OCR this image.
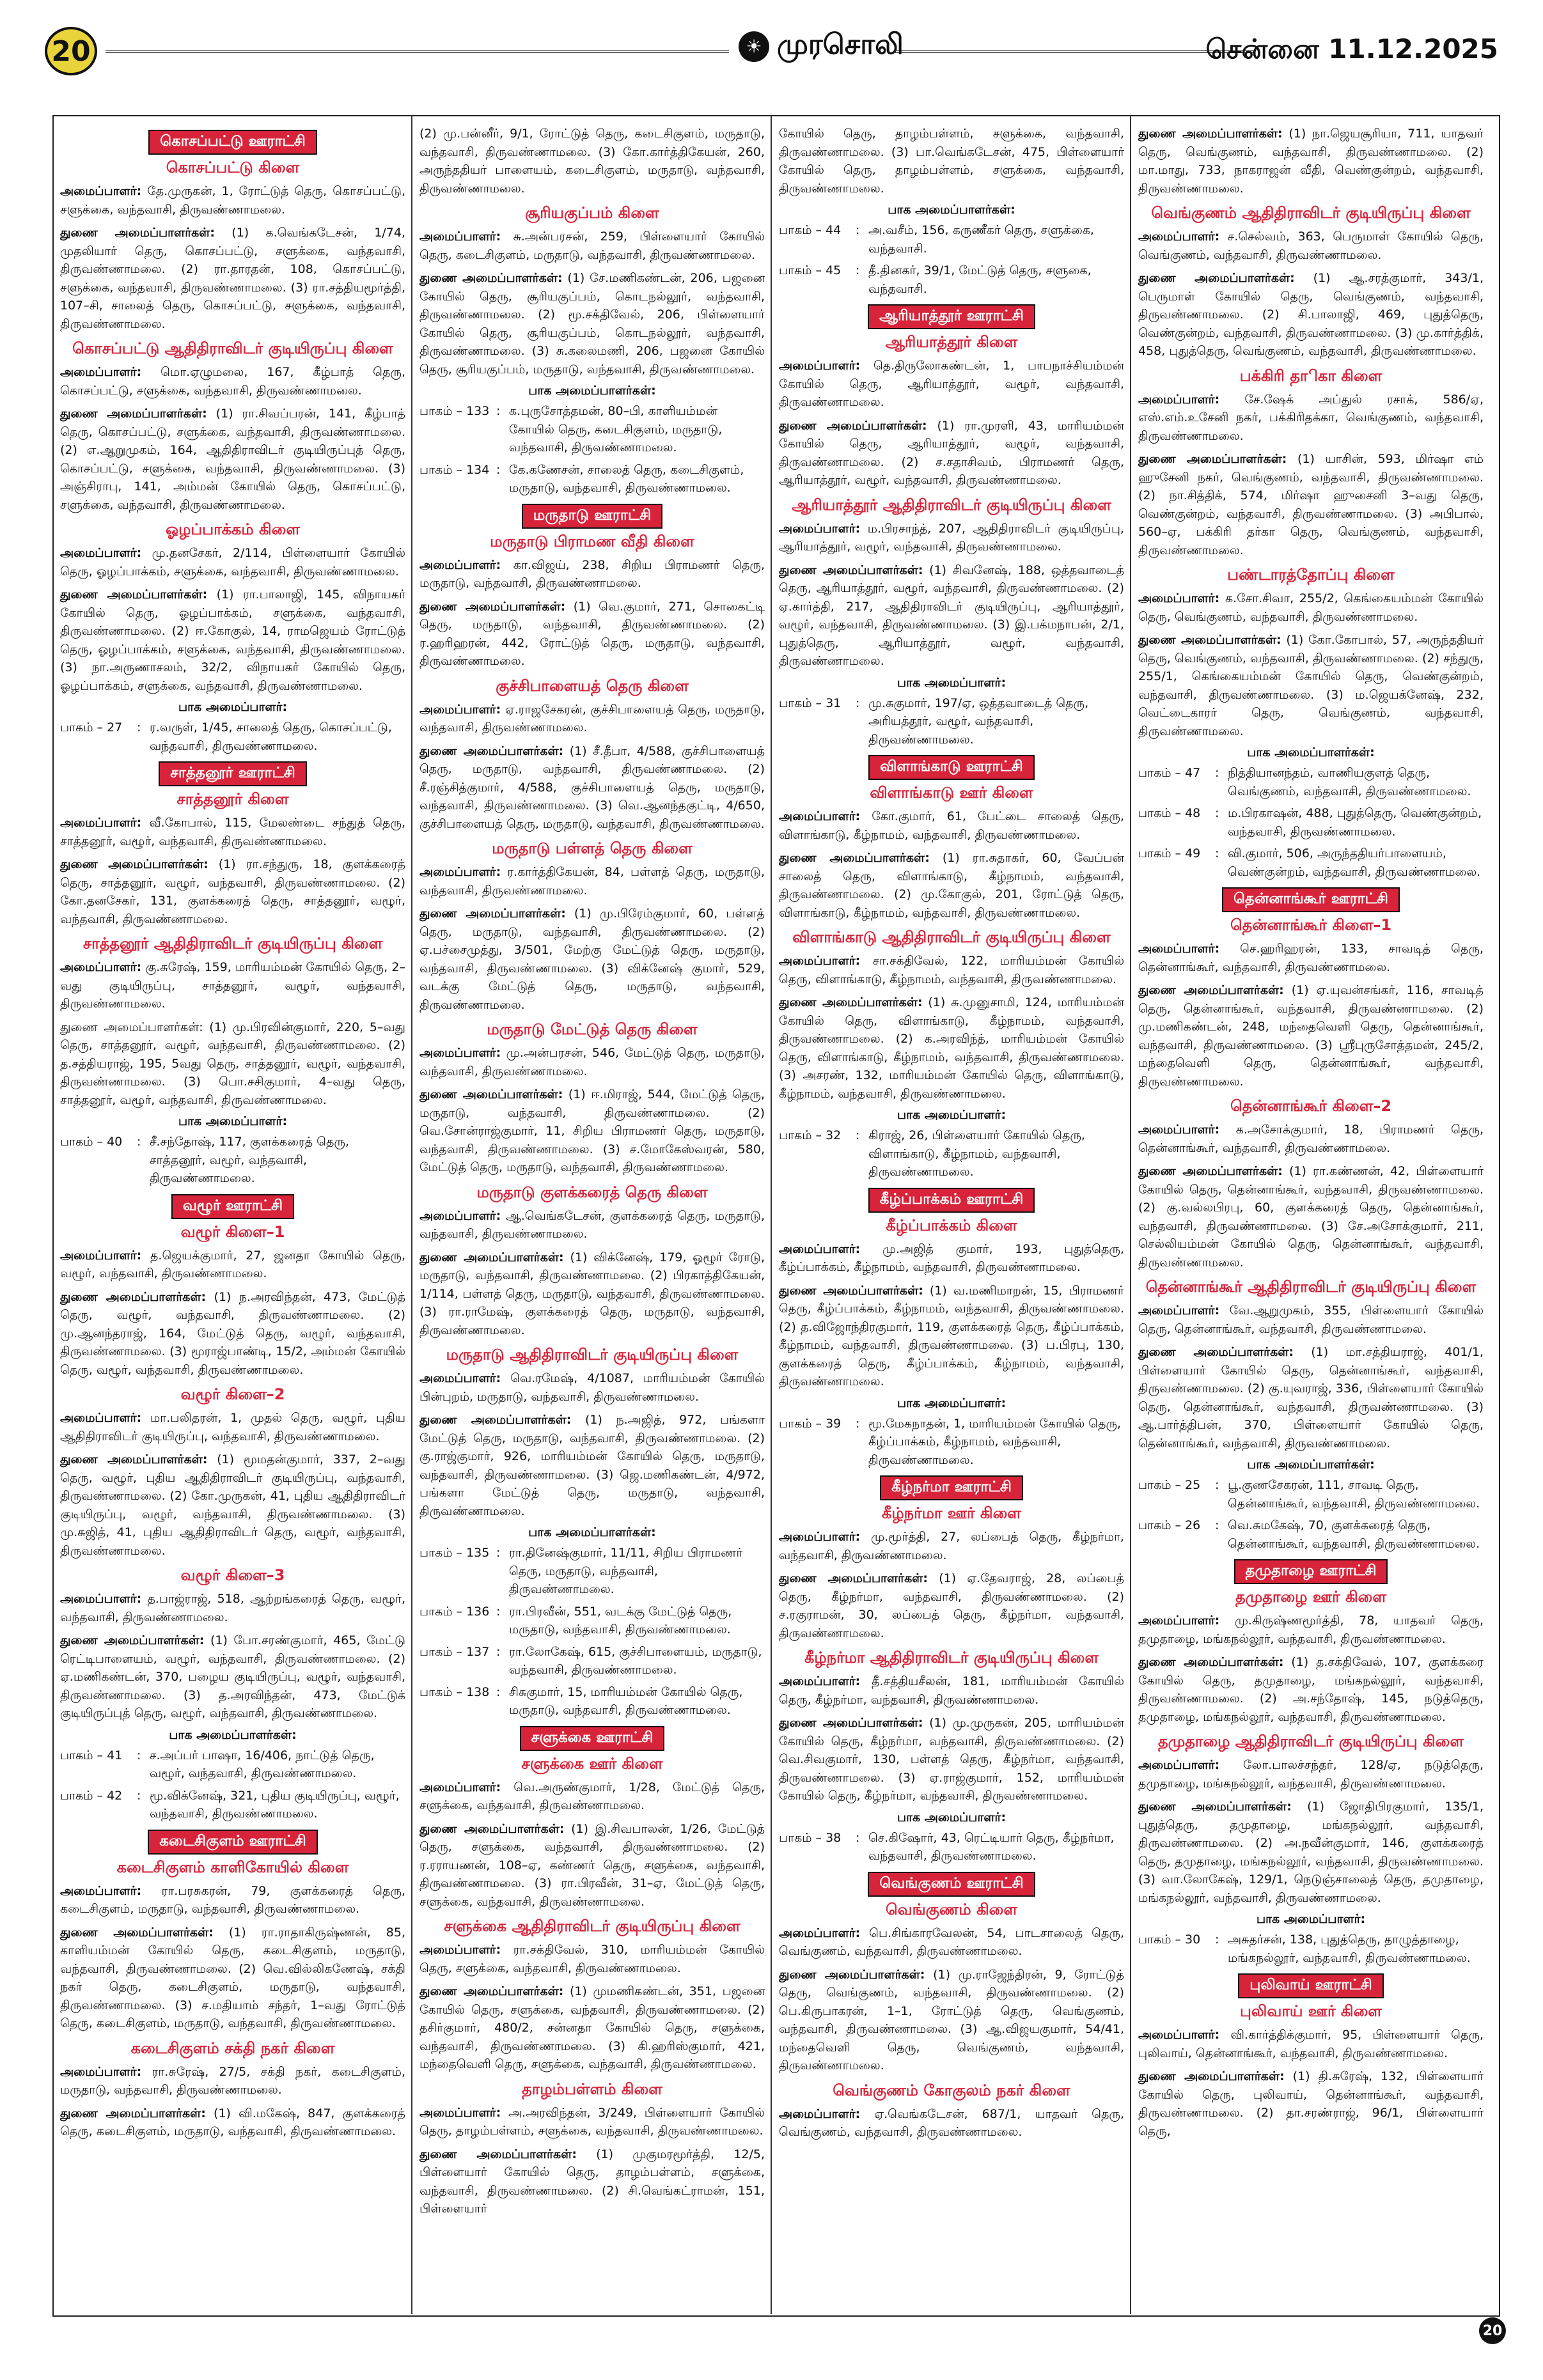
20	☀ முரசொலி	சென்னை 11.12.2025
கொசப்பட்டு ஊராட்சி
கொசப்பட்டு கிளை

அமைப்பாளர்: தே.முருகன், 1, ரோட்டுத் தெரு, கொசப்பட்டு, சளுக்கை, வந்தவாசி, திருவண்ணாமலை.

துணை அமைப்பாளர்கள்: (1) க.வெங்கடேசன், 1/74, முதலியார் தெரு, கொசப்பட்டு, சளுக்கை, வந்தவாசி, திருவண்ணாமலை. (2) ரா.தாரதன், 108, கொசப்பட்டு, சளுக்கை, வந்தவாசி, திருவண்ணாமலை. (3) ரா.சத்தியமூர்த்தி, 107–சி, சாலைத் தெரு, கொசப்பட்டு, சளுக்கை, வந்தவாசி, திருவண்ணாமலை.

கொசப்பட்டு ஆதிதிராவிடர் குடியிருப்பு கிளை

அமைப்பாளர்: மொ.ஏழுமலை, 167, கீழ்பாத் தெரு, கொசப்பட்டு, சளுக்கை, வந்தவாசி, திருவண்ணாமலை.

துணை அமைப்பாளர்கள்: (1) ரா.சிவப்பரன், 141, கீழ்பாத் தெரு, கொசப்பட்டு, சளுக்கை, வந்தவாசி, திருவண்ணாமலை. (2) எ.ஆறுமுகம், 164, ஆதிதிராவிடர் குடியிருப்புத் தெரு, கொசப்பட்டு, சளுக்கை, வந்தவாசி, திருவண்ணாமலை. (3) அஞ்சிராபு, 141, அம்மன் கோயில் தெரு, கொசப்பட்டு, சளுக்கை, வந்தவாசி, திருவண்ணாமலை.

ஓழப்பாக்கம் கிளை

அமைப்பாளர்: மு.தனசேகர், 2/114, பிள்ளையார் கோயில் தெரு, ஓழப்பாக்கம், சளுக்கை, வந்தவாசி, திருவண்ணாமலை.

துணை அமைப்பாளர்கள்: (1) ரா.பாலாஜி, 145, விநாயகர் கோயில் தெரு, ஓழப்பாக்கம், சளுக்கை, வந்தவாசி, திருவண்ணாமலை. (2) ஈ.கோகுல், 14, ராமஜெயம் ரோட்டுத் தெரு, ஓழப்பாக்கம், சளுக்கை, வந்தவாசி, திருவண்ணாமலை. (3) நா.அருணாசலம், 32/2, விநாயகர் கோயில் தெரு, ஓழப்பாக்கம், சளுக்கை, வந்தவாசி, திருவண்ணாமலை.

பாக அமைப்பாளர்:
பாகம் – 27	: ர.வருள், 1/45, சாலைத் தெரு, கொசப்பட்டு, வந்தவாசி, திருவண்ணாமலை.
சாத்தனூர் ஊராட்சி
சாத்தனூர் கிளை

அமைப்பாளர்: வீ.கோபால், 115, மேலண்டை சந்துத் தெரு, சாத்தனூர், வழூர், வந்தவாசி, திருவண்ணாமலை.

துணை அமைப்பாளர்கள்: (1) ரா.சந்துரு, 18, குளக்கரைத் தெரு, சாத்தனூர், வழூர், வந்தவாசி, திருவண்ணாமலை. (2) கோ.தனசேகர், 131, குளக்கரைத் தெரு, சாத்தனூர், வழூர், வந்தவாசி, திருவண்ணாமலை.

சாத்தனூர் ஆதிதிராவிடர் குடியிருப்பு கிளை

அமைப்பாளர்: கு.சுரேஷ், 159, மாரியம்மன் கோயில் தெரு, 2–வது குடியிருப்பு, சாத்தனூர், வழூர், வந்தவாசி, திருவண்ணாமலை.

துணை அமைப்பாளர்கள்: (1) மு.பிரவின்குமார், 220, 5–வது தெரு, சாத்தனூர், வழூர், வந்தவாசி, திருவண்ணாமலை. (2) த.சத்தியராஜ், 195, 5வது தெரு, சாத்தனூர், வழூர், வந்தவாசி, திருவண்ணாமலை. (3) பொ.சசிகுமார், 4–வது தெரு, சாத்தனூர், வழூர், வந்தவாசி, திருவண்ணாமலை.

பாக அமைப்பாளர்:
பாகம் – 40	: சீ.சந்தோஷ், 117, குளக்கரைத் தெரு, சாத்தனூர், வழூர், வந்தவாசி, திருவண்ணாமலை.
வழூர் ஊராட்சி
வழூர் கிளை–1

அமைப்பாளர்: த.ஜெயக்குமார், 27, ஜனதா கோயில் தெரு, வழூர், வந்தவாசி, திருவண்ணாமலை.

துணை அமைப்பாளர்கள்: (1) ந.அரவிந்தன், 473, மேட்டுத் தெரு, வழூர், வந்தவாசி, திருவண்ணாமலை. (2) மு.ஆனந்தராஜ், 164, மேட்டுத் தெரு, வழூர், வந்தவாசி, திருவண்ணாமலை. (3) மூராஜ்பாண்டி, 15/2, அம்மன் கோயில் தெரு, வழூர், வந்தவாசி, திருவண்ணாமலை.

வழூர் கிளை–2

அமைப்பாளர்: மா.பலிதரன், 1, முதல் தெரு, வழூர், புதிய ஆதிதிராவிடர் குடியிருப்பு, வந்தவாசி, திருவண்ணாமலை.

துணை அமைப்பாளர்கள்: (1) மூமதன்குமார், 337, 2–வது தெரு, வழூர், புதிய ஆதிதிராவிடர் குடியிருப்பு, வந்தவாசி, திருவண்ணாமலை. (2) கோ.முருகன், 41, புதிய ஆதிதிராவிடர் குடியிருப்பு, வழூர், வந்தவாசி, திருவண்ணாமலை. (3) மு.சுஜித், 41, புதிய ஆதிதிராவிடர் தெரு, வழூர், வந்தவாசி, திருவண்ணாமலை.

வழூர் கிளை–3

அமைப்பாளர்: த.பாஜ்ராஜ், 518, ஆற்றங்கரைத் தெரு, வழூர், வந்தவாசி, திருவண்ணாமலை.

துணை அமைப்பாளர்கள்: (1) போ.சரண்குமார், 465, மேட்டு ரெட்டிபாளையம், வழூர், வந்தவாசி, திருவண்ணாமலை. (2) ஏ.மணிகண்டன், 370, பழைய குடியிருப்பு, வழூர், வந்தவாசி, திருவண்ணாமலை. (3) த.அரவிந்தன், 473, மேட்டுக் குடியிருப்புத் தெரு, வழூர், வந்தவாசி, திருவண்ணாமலை.

பாக அமைப்பாளர்கள்:
பாகம் – 41	: ச.அப்பர் பாஷா, 16/406, நாட்டுத் தெரு, வழூர், வந்தவாசி, திருவண்ணாமலை.
பாகம் – 42	: மூ.விக்னேஷ், 321, புதிய குடியிருப்பு, வழூர், வந்தவாசி, திருவண்ணாமலை.
கடைசிகுளம் ஊராட்சி
கடைசிகுளம் காளிகோயில் கிளை

அமைப்பாளர்: ரா.பரசுகரன், 79, குளக்கரைத் தெரு, கடைசிகுளம், மருதாடு, வந்தவாசி, திருவண்ணாமலை.

துணை அமைப்பாளர்கள்: (1) ரா.ராதாகிருஷ்ணன், 85, காளியம்மன் கோயில் தெரு, கடைசிகுளம், மருதாடு, வந்தவாசி, திருவண்ணாமலை. (2) வெ.வில்லிகணேஷ், சக்தி நகர் தெரு, கடைசிகுளம், மருதாடு, வந்தவாசி, திருவண்ணாமலை. (3) ச.மதியாம் சந்தர், 1–வது ரோட்டுத் தெரு, கடைசிகுளம், மருதாடு, வந்தவாசி, திருவண்ணாமலை.

கடைசிகுளம் சக்தி நகர் கிளை

அமைப்பாளர்: ரா.சுரேஷ், 27/5, சக்தி நகர், கடைசிகுளம், மருதாடு, வந்தவாசி, திருவண்ணாமலை.

துணை அமைப்பாளர்கள்: (1) வி.மகேஷ், 847, குளக்கரைத் தெரு, கடைசிகுளம், மருதாடு, வந்தவாசி, திருவண்ணாமலை.

(2) மு.பன்னீர், 9/1, ரோட்டுத் தெரு, கடைசிகுளம், மருதாடு, வந்தவாசி, திருவண்ணாமலை. (3) கோ.கார்த்திகேயன், 260, அருந்ததியர் பாளையம், கடைசிகுளம், மருதாடு, வந்தவாசி, திருவண்ணாமலை.

சூரியகுப்பம் கிளை

அமைப்பாளர்: சு.அன்பரசன், 259, பிள்ளையார் கோயில் தெரு, கடைசிகுளம், மருதாடு, வந்தவாசி, திருவண்ணாமலை.

துணை அமைப்பாளர்கள்: (1) சே.மணிகண்டன், 206, பஜனை கோயில் தெரு, சூரியகுப்பம், கொடநல்லூர், வந்தவாசி, திருவண்ணாமலை. (2) மூ.சக்திவேல், 206, பிள்ளையார் கோயில் தெரு, சூரியகுப்பம், கொடநல்லூர், வந்தவாசி, திருவண்ணாமலை. (3) சு.கலைமணி, 206, பஜனை கோயில் தெரு, சூரியகுப்பம், மருதாடு, வந்தவாசி, திருவண்ணாமலை.

பாக அமைப்பாளர்கள்:
பாகம் – 133 : க.புருசோத்தமன், 80–பி, காளியம்மன் கோயில் தெரு, கடைசிகுளம், மருதாடு, வந்தவாசி, திருவண்ணாமலை.
பாகம் – 134 : கே.கணேசன், சாலைத் தெரு, கடைசிகுளம், மருதாடு, வந்தவாசி, திருவண்ணாமலை.
மருதாடு ஊராட்சி
மருதாடு பிராமண வீதி கிளை

அமைப்பாளர்: கா.விஜய், 238, சிறிய பிராமணர் தெரு, மருதாடு, வந்தவாசி, திருவண்ணாமலை.

துணை அமைப்பாளர்கள்: (1) வெ.குமார், 271, சொகைட்டி தெரு, மருதாடு, வந்தவாசி, திருவண்ணாமலை. (2) ர.ஹரிஹரன், 442, ரோட்டுத் தெரு, மருதாடு, வந்தவாசி, திருவண்ணாமலை.

குச்சிபாளையத் தெரு கிளை

அமைப்பாளர்: ஏ.ராஜசேகரன், குச்சிபாளையத் தெரு, மருதாடு, வந்தவாசி, திருவண்ணாமலை.

துணை அமைப்பாளர்கள்: (1) சீ.தீபா, 4/588, குச்சிபாளையத் தெரு, மருதாடு, வந்தவாசி, திருவண்ணாமலை. (2) சீ.ரஞ்சித்குமார், 4/588, குச்சிபாளையத் தெரு, மருதாடு, வந்தவாசி, திருவண்ணாமலை. (3) வெ.ஆனந்தகுட்டி, 4/650, குச்சிபாளையத் தெரு, மருதாடு, வந்தவாசி, திருவண்ணாமலை.

மருதாடு பள்ளத் தெரு கிளை

அமைப்பாளர்: ர.கார்த்திகேயன், 84, பள்ளத் தெரு, மருதாடு, வந்தவாசி, திருவண்ணாமலை.

துணை அமைப்பாளர்கள்: (1) மு.பிரேம்குமார், 60, பள்ளத் தெரு, மருதாடு, வந்தவாசி, திருவண்ணாமலை. (2) ஏ.பச்சைமுத்து, 3/501, மேற்கு மேட்டுத் தெரு, மருதாடு, வந்தவாசி, திருவண்ணாமலை. (3) விக்னேஷ் குமார், 529, வடக்கு மேட்டுத் தெரு, மருதாடு, வந்தவாசி, திருவண்ணாமலை.

மருதாடு மேட்டுத் தெரு கிளை

அமைப்பாளர்: மு.அன்பரசன், 546, மேட்டுத் தெரு, மருதாடு, வந்தவாசி, திருவண்ணாமலை.

துணை அமைப்பாளர்கள்: (1) ஈ.மிராஜ், 544, மேட்டுத் தெரு, மருதாடு, வந்தவாசி, திருவண்ணாமலை. (2) வெ.சோன்ராஜ்குமார், 11, சிறிய பிராமணர் தெரு, மருதாடு, வந்தவாசி, திருவண்ணாமலை. (3) ச.மோகேஸ்வரன், 580, மேட்டுத் தெரு, மருதாடு, வந்தவாசி, திருவண்ணாமலை.

மருதாடு குளக்கரைத் தெரு கிளை

அமைப்பாளர்: ஆ.வெங்கடேசன், குளக்கரைத் தெரு, மருதாடு, வந்தவாசி, திருவண்ணாமலை.

துணை அமைப்பாளர்கள்: (1) விக்னேஷ், 179, ஓழூர் ரோடு, மருதாடு, வந்தவாசி, திருவண்ணாமலை. (2) பிரகாத்திகேயன், 1/114, பள்ளத் தெரு, மருதாடு, வந்தவாசி, திருவண்ணாமலை. (3) ரா.ராமேஷ், குளக்கரைத் தெரு, மருதாடு, வந்தவாசி, திருவண்ணாமலை.

மருதாடு ஆதிதிராவிடர் குடியிருப்பு கிளை

அமைப்பாளர்: வெ.ரமேஷ், 4/1087, மாரியம்மன் கோயில் பின்புறம், மருதாடு, வந்தவாசி, திருவண்ணாமலை.

துணை அமைப்பாளர்கள்: (1) ந.அஜித், 972, பங்களா மேட்டுத் தெரு, மருதாடு, வந்தவாசி, திருவண்ணாமலை. (2) கு.ராஜ்குமார், 926, மாரியம்மன் கோயில் தெரு, மருதாடு, வந்தவாசி, திருவண்ணாமலை. (3) ஜெ.மணிகண்டன், 4/972, பங்களா மேட்டுத் தெரு, மருதாடு, வந்தவாசி, திருவண்ணாமலை.

பாக அமைப்பாளர்கள்:
பாகம் – 135 : ரா.தினேஷ்குமார், 11/11, சிறிய பிராமணர் தெரு, மருதாடு, வந்தவாசி, திருவண்ணாமலை.
பாகம் – 136 : ரா.பிரவீன், 551, வடக்கு மேட்டுத் தெரு, மருதாடு, வந்தவாசி, திருவண்ணாமலை.
பாகம் – 137 : ரா.லோகேஷ், 615, குச்சிபாளையம், மருதாடு, வந்தவாசி, திருவண்ணாமலை.
பாகம் – 138 : சிசுகுமார், 15, மாரியம்மன் கோயில் தெரு, மருதாடு, வந்தவாசி, திருவண்ணாமலை.
சளுக்கை ஊராட்சி
சளுக்கை ஊர் கிளை

அமைப்பாளர்: வெ.அருண்குமார், 1/28, மேட்டுத் தெரு, சளுக்கை, வந்தவாசி, திருவண்ணாமலை.

துணை அமைப்பாளர்கள்: (1) இ.சிவபாலன், 1/26, மேட்டுத் தெரு, சளுக்கை, வந்தவாசி, திருவண்ணாமலை. (2) ர.ரராயணன், 108–ஏ, கண்ணர் தெரு, சளுக்கை, வந்தவாசி, திருவண்ணாமலை. (3) ரா.பிரவீன், 31–ஏ, மேட்டுத் தெரு, சளுக்கை, வந்தவாசி, திருவண்ணாமலை.

சளுக்கை ஆதிதிராவிடர் குடியிருப்பு கிளை

அமைப்பாளர்: ரா.சக்திவேல், 310, மாரியம்மன் கோயில் தெரு, சளுக்கை, வந்தவாசி, திருவண்ணாமலை.

துணை அமைப்பாளர்கள்: (1) முமணிகண்டன், 351, பஜனை கோயில் தெரு, சளுக்கை, வந்தவாசி, திருவண்ணாமலை. (2) தசிர்குமார், 480/2, சன்னதா கோயில் தெரு, சளுக்கை, வந்தவாசி, திருவண்ணாமலை. (3) கி.ஹரிஸ்குமார், 421, மந்தைவெளி தெரு, சளுக்கை, வந்தவாசி, திருவண்ணாமலை.

தாழம்பள்ளம் கிளை

அமைப்பாளர்: அ.அரவிந்தன், 3/249, பிள்ளையார் கோயில் தெரு, தாழம்பள்ளம், சளுக்கை, வந்தவாசி, திருவண்ணாமலை.

துணை அமைப்பாளர்கள்: (1) முகுமரமூர்த்தி, 12/5, பிள்ளையார் கோயில் தெரு, தாழம்பள்ளம், சளுக்கை, வந்தவாசி, திருவண்ணாமலை. (2) சி.வெங்கட்ராமன், 151, பிள்ளையார்

கோயில் தெரு, தாழம்பள்ளம், சளுக்கை, வந்தவாசி, திருவண்ணாமலை. (3) பா.வெங்கடேசன், 475, பிள்ளையார் கோயில் தெரு, தாழம்பள்ளம், சளுக்கை, வந்தவாசி, திருவண்ணாமலை.

பாக அமைப்பாளர்கள்:
பாகம் – 44	: அ.வசீம், 156, கருணீகர் தெரு, சளுக்கை, வந்தவாசி.
பாகம் – 45	: தீ.தினகர், 39/1, மேட்டுத் தெரு, சளுகை, வந்தவாசி.
ஆரியாத்தூர் ஊராட்சி
ஆரியாத்தூர் கிளை

அமைப்பாளர்: தெ.திருலோகண்டன், 1, பாபநாச்சியம்மன் கோயில் தெரு, ஆரியாத்தூர், வழூர், வந்தவாசி, திருவண்ணாமலை.

துணை அமைப்பாளர்கள்: (1) ரா.முரளி, 43, மாரியம்மன் கோயில் தெரு, ஆரியாத்தூர், வழூர், வந்தவாசி, திருவண்ணாமலை. (2) ச.சதாசிவம், பிராமணர் தெரு, ஆரியாத்தூர், வழூர், வந்தவாசி, திருவண்ணாமலை.

ஆரியாத்தூர் ஆதிதிராவிடர் குடியிருப்பு கிளை

அமைப்பாளர்: ம.பிரசாந்த், 207, ஆதிதிராவிடர் குடியிருப்பு, ஆரியாத்தூர், வழூர், வந்தவாசி, திருவண்ணாமலை.

துணை அமைப்பாளர்கள்: (1) சிவனேஷ், 188, ஒத்தவாடைத் தெரு, ஆரியாத்தூர், வழூர், வந்தவாசி, திருவண்ணாமலை. (2) ஏ.கார்த்தி, 217, ஆதிதிராவிடர் குடியிருப்பு, ஆரியாத்தூர், வழூர், வந்தவாசி, திருவண்ணாமலை. (3) இ.பக்மநாபன், 2/1, புதுத்தெரு, ஆரியாத்தூர், வழூர், வந்தவாசி, திருவண்ணாமலை.

பாக அமைப்பாளர்:
பாகம் – 31	: மு.சுகுமார், 197/ஏ, ஒத்தவாடைத் தெரு, அரியத்தூர், வழூர், வந்தவாசி, திருவண்ணாமலை.
விளாங்காடு ஊராட்சி
விளாங்காடு ஊர் கிளை

அமைப்பாளர்: கோ.குமார், 61, பேட்டை சாலைத் தெரு, விளாங்காடு, கீழ்நாமம், வந்தவாசி, திருவண்ணாமலை.

துணை அமைப்பாளர்கள்: (1) ரா.சுதாகர், 60, வேப்பன் சாலைத் தெரு, விளாங்காடு, கீழ்நாமம், வந்தவாசி, திருவண்ணாமலை. (2) மு.கோகுல், 201, ரோட்டுத் தெரு, விளாங்காடு, கீழ்நாமம், வந்தவாசி, திருவண்ணாமலை.

விளாங்காடு ஆதிதிராவிடர் குடியிருப்பு கிளை

அமைப்பாளர்: சா.சக்திவேல், 122, மாரியம்மன் கோயில் தெரு, விளாங்காடு, கீழ்நாமம், வந்தவாசி, திருவண்ணாமலை.

துணை அமைப்பாளர்கள்: (1) சு.முனுசாமி, 124, மாரியம்மன் கோயில் தெரு, விளாங்காடு, கீழ்நாமம், வந்தவாசி, திருவண்ணாமலை. (2) க.அரவிந்த், மாரியம்மன் கோயில் தெரு, விளாங்காடு, கீழ்நாமம், வந்தவாசி, திருவண்ணாமலை. (3) அசரண், 132, மாரியம்மன் கோயில் தெரு, விளாங்காடு, கீழ்நாமம், வந்தவாசி, திருவண்ணாமலை.

பாக அமைப்பாளர்:
பாகம் – 32	: கிராஜ், 26, பிள்ளையார் கோயில் தெரு, விளாங்காடு, கீழ்நாமம், வந்தவாசி, திருவண்ணாமலை.
கீழ்ப்பாக்கம் ஊராட்சி
கீழ்ப்பாக்கம் கிளை

அமைப்பாளர்: மு.அஜித் குமார், 193, புதுத்தெரு, கீழ்ப்பாக்கம், கீழ்நாமம், வந்தவாசி, திருவண்ணாமலை.

துணை அமைப்பாளர்கள்: (1) வ.மணிமாறன், 15, பிராமணர் தெரு, கீழ்ப்பாக்கம், கீழ்நாமம், வந்தவாசி, திருவண்ணாமலை. (2) த.விஜோந்திரகுமார், 119, குளக்கரைத் தெரு, கீழ்ப்பாக்கம், கீழ்நாமம், வந்தவாசி, திருவண்ணாமலை. (3) ப.பிரபு, 130, குளக்கரைத் தெரு, கீழ்ப்பாக்கம், கீழ்நாமம், வந்தவாசி, திருவண்ணாமலை.

பாக அமைப்பாளர்:
பாகம் – 39	: மூ.மேகநாதன், 1, மாரியம்மன் கோயில் தெரு, கீழ்ப்பாக்கம், கீழ்நாமம், வந்தவாசி, திருவண்ணாமலை.
கீழ்நர்மா ஊராட்சி
கீழ்நர்மா ஊர் கிளை

அமைப்பாளர்: மு.மூர்த்தி, 27, லப்பைத் தெரு, கீழ்நர்மா, வந்தவாசி, திருவண்ணாமலை.

துணை அமைப்பாளர்கள்: (1) ஏ.தேவராஜ், 28, லப்பைத் தெரு, கீழ்நர்மா, வந்தவாசி, திருவண்ணாமலை. (2) ச.ரகுராமன், 30, லப்பைத் தெரு, கீழ்நர்மா, வந்தவாசி, திருவண்ணாமலை.

கீழ்நர்மா ஆதிதிராவிடர் குடியிருப்பு கிளை

அமைப்பாளர்: தீ.சத்தியசீலன், 181, மாரியம்மன் கோயில் தெரு, கீழ்நர்மா, வந்தவாசி, திருவண்ணாமலை.

துணை அமைப்பாளர்கள்: (1) மு.முருகன், 205, மாரியம்மன் கோயில் தெரு, கீழ்நர்மா, வந்தவாசி, திருவண்ணாமலை. (2) வெ.சிவகுமார், 130, பள்ளத் தெரு, கீழ்நர்மா, வந்தவாசி, திருவண்ணாமலை. (3) ஏ.ராஜ்குமார், 152, மாரியம்மன் கோயில் தெரு, கீழ்நர்மா, வந்தவாசி, திருவண்ணாமலை.

பாக அமைப்பாளர்:
பாகம் – 38	: செ.கிஷோர், 43, ரெட்டியார் தெரு, கீழ்நர்மா, வந்தவாசி, திருவண்ணாமலை.
வெங்குணம் ஊராட்சி
வெங்குணம் கிளை

அமைப்பாளர்: பெ.சிங்காரவேலன், 54, பாடசாலைத் தெரு, வெங்குணம், வந்தவாசி, திருவண்ணாமலை.

துணை அமைப்பாளர்கள்: (1) மு.ராஜேந்திரன், 9, ரோட்டுத் தெரு, வெங்குணம், வந்தவாசி, திருவண்ணாமலை. (2) பெ.கிருபாகரன், 1–1, ரோட்டுத் தெரு, வெங்குணம், வந்தவாசி, திருவண்ணாமலை. (3) ஆ.விஜயகுமார், 54/41, மந்தைவெளி தெரு, வெங்குணம், வந்தவாசி, திருவண்ணாமலை.

வெங்குணம் கோகுலம் நகர் கிளை

அமைப்பாளர்: ஏ.வெங்கடேசன், 687/1, யாதவர் தெரு, வெங்குணம், வந்தவாசி, திருவண்ணாமலை.

துணை அமைப்பாளர்கள்: (1) நா.ஜெயசூரியா, 711, யாதவர் தெரு, வெங்குணம், வந்தவாசி, திருவண்ணாமலை. (2) மா.மாது, 733, நாகராஜன் வீதி, வெண்குன்றம், வந்தவாசி, திருவண்ணாமலை.

வெங்குணம் ஆதிதிராவிடர் குடியிருப்பு கிளை

அமைப்பாளர்: ச.செல்வம், 363, பெருமாள் கோயில் தெரு, வெங்குணம், வந்தவாசி, திருவண்ணாமலை.

துணை அமைப்பாளர்கள்: (1) ஆ.சரத்குமார், 343/1, பெருமாள் கோயில் தெரு, வெங்குணம், வந்தவாசி, திருவண்ணாமலை. (2) சி.பாலாஜி, 469, புதுத்தெரு, வெண்குன்றம், வந்தவாசி, திருவண்ணாமலை. (3) மு.கார்த்திக், 458, புதுத்தெரு, வெங்குணம், வந்தவாசி, திருவண்ணாமலை.

பக்கிரி தாிகா கிளை

அமைப்பாளர்: சே.ஷேக் அப்துல் ரசாக், 586/ஏ, எஸ்.எம்.உசேனி நகர், பக்கிரிதக்கா, வெங்குணம், வந்தவாசி, திருவண்ணாமலை.

துணை அமைப்பாளர்கள்: (1) யாசின், 593, மிர்ஷா எம் ஹுசேனி நகர், வெங்குணம், வந்தவாசி, திருவண்ணாமலை. (2) நா.சித்திக், 574, மிர்ஷா ஹுசைனி 3–வது தெரு, வெண்குன்றம், வந்தவாசி, திருவண்ணாமலை. (3) அபிபால், 560–ஏ, பக்கிரி தர்கா தெரு, வெங்குணம், வந்தவாசி, திருவண்ணாமலை.

பண்டாரத்தோப்பு கிளை

அமைப்பாளர்: க.சோ.சிவா, 255/2, கெங்கையம்மன் கோயில் தெரு, வெங்குணம், வந்தவாசி, திருவண்ணாமலை.

துணை அமைப்பாளர்கள்: (1) கோ.கோபால், 57, அருந்ததியர் தெரு, வெங்குணம், வந்தவாசி, திருவண்ணாமலை. (2) சந்துரு, 255/1, கெங்கையம்மன் கோயில் தெரு, வெண்குன்றம், வந்தவாசி, திருவண்ணாமலை. (3) ம.ஜெயக்னேஷ், 232, வெட்டைகாரர் தெரு, வெங்குணம், வந்தவாசி, திருவண்ணாமலை.

பாக அமைப்பாளர்கள்:
பாகம் – 47	: நித்தியானந்தம், வாணியகுளத் தெரு, வெங்குணம், வந்தவாசி, திருவண்ணாமலை.
பாகம் – 48	: ம.பிரகாஷன், 488, புதுத்தெரு, வெண்குன்றம், வந்தவாசி, திருவண்ணாமலை.
பாகம் – 49	: வி.குமார், 506, அருந்ததியர்பாளையம், வெண்குன்றம், வந்தவாசி, திருவண்ணாமலை.
தென்னாங்கூர் ஊராட்சி
தென்னாங்கூர் கிளை–1

அமைப்பாளர்: செ.ஹரிஹரன், 133, சாவடித் தெரு, தென்னாங்கூர், வந்தவாசி, திருவண்ணாமலை.

துணை அமைப்பாளர்கள்: (1) ஏ.யுவன்சங்கர், 116, சாவடித் தெரு, தென்னாங்கூர், வந்தவாசி, திருவண்ணாமலை. (2) மு.மணிகண்டன், 248, மந்தைவெளி தெரு, தென்னாங்கூர், வந்தவாசி, திருவண்ணாமலை. (3) ஸ்ரீபுருசோத்தமன், 245/2, மந்தைவெளி தெரு, தென்னாங்கூர், வந்தவாசி, திருவண்ணாமலை.

தென்னாங்கூர் கிளை–2

அமைப்பாளர்: க.அசோக்குமார், 18, பிராமணர் தெரு, தென்னாங்கூர், வந்தவாசி, திருவண்ணாமலை.

துணை அமைப்பாளர்கள்: (1) ரா.கண்ணன், 42, பிள்ளையார் கோயில் தெரு, தென்னாங்கூர், வந்தவாசி, திருவண்ணாமலை. (2) கு.வல்லபிரபு, 60, குளக்கரைத் தெரு, தென்னாங்கூர், வந்தவாசி, திருவண்ணாமலை. (3) சே.அசோக்குமார், 211, செல்லியம்மன் கோயில் தெரு, தென்னாங்கூர், வந்தவாசி, திருவண்ணாமலை.

தென்னாங்கூர் ஆதிதிராவிடர் குடியிருப்பு கிளை

அமைப்பாளர்: வே.ஆறுமுகம், 355, பிள்ளையார் கோயில் தெரு, தென்னாங்கூர், வந்தவாசி, திருவண்ணாமலை.

துணை அமைப்பாளர்கள்: (1) மா.சத்தியராஜ், 401/1, பிள்ளையார் கோயில் தெரு, தென்னாங்கூர், வந்தவாசி, திருவண்ணாமலை. (2) கு.யுவராஜ், 336, பிள்ளையார் கோயில் தெரு, தென்னாங்கூர், வந்தவாசி, திருவண்ணாமலை. (3) ஆ.பார்த்திபன், 370, பிள்ளையார் கோயில் தெரு, தென்னாங்கூர், வந்தவாசி, திருவண்ணாமலை.

பாக அமைப்பாளர்கள்:
பாகம் – 25	: பூ.குணசேகரன், 111, சாவடி தெரு, தென்னாங்கூர், வந்தவாசி, திருவண்ணாமலை.
பாகம் – 26	: வெ.சுமகேஷ், 70, குளக்கரைத் தெரு, தென்னாங்கூர், வந்தவாசி, திருவண்ணாமலை.
தமுதாழை ஊராட்சி
தமுதாழை ஊர் கிளை

அமைப்பாளர்: மு.கிருஷ்ணமூர்த்தி, 78, யாதவர் தெரு, தமுதாழை, மங்கநல்லூர், வந்தவாசி, திருவண்ணாமலை.

துணை அமைப்பாளர்கள்: (1) த.சக்திவேல், 107, குளக்கரை கோயில் தெரு, தமுதாழை, மங்கநல்லூர், வந்தவாசி, திருவண்ணாமலை. (2) அ.சந்தோஷ், 145, நடுத்தெரு, தமுதாழை, மங்கநல்லூர், வந்தவாசி, திருவண்ணாமலை.

தமுதாழை ஆதிதிராவிடர் குடியிருப்பு கிளை

அமைப்பாளர்: லோ.பாலச்சந்தர், 128/ஏ, நடுத்தெரு, தமுதாழை, மங்கநல்லூர், வந்தவாசி, திருவண்ணாமலை.

துணை அமைப்பாளர்கள்: (1) ஜோதிபிரகுமார், 135/1, புதுத்தெரு, தமுதாழை, மங்கநல்லூர், வந்தவாசி, திருவண்ணாமலை. (2) அ.நவீன்குமார், 146, குளக்கரைத் தெரு, தமுதாழை, மங்கநல்லூர், வந்தவாசி, திருவண்ணாமலை. (3) வா.லோகேஷ், 129/1, நெடுஞ்சாலைத் தெரு, தமுதாழை, மங்கநல்லூர், வந்தவாசி, திருவண்ணாமலை.

பாக அமைப்பாளர்:
பாகம் – 30	: அசுதர்சன், 138, புதுத்தெரு, தாழுத்தாழை, மங்கநல்லூர், வந்தவாசி, திருவண்ணாமலை.
புலிவாய் ஊராட்சி
புலிவாய் ஊர் கிளை

அமைப்பாளர்: வி.கார்த்திக்குமார், 95, பிள்ளையார் தெரு, புலிவாய், தென்னாங்கூர், வந்தவாசி, திருவண்ணாமலை.

துணை அமைப்பாளர்கள்: (1) தி.சுரேஷ், 132, பிள்ளையார் கோயில் தெரு, புலிவாய், தென்னாங்கூர், வந்தவாசி, திருவண்ணாமலை. (2) தா.சரண்ராஜ், 96/1, பிள்ளையார் தெரு,

20
